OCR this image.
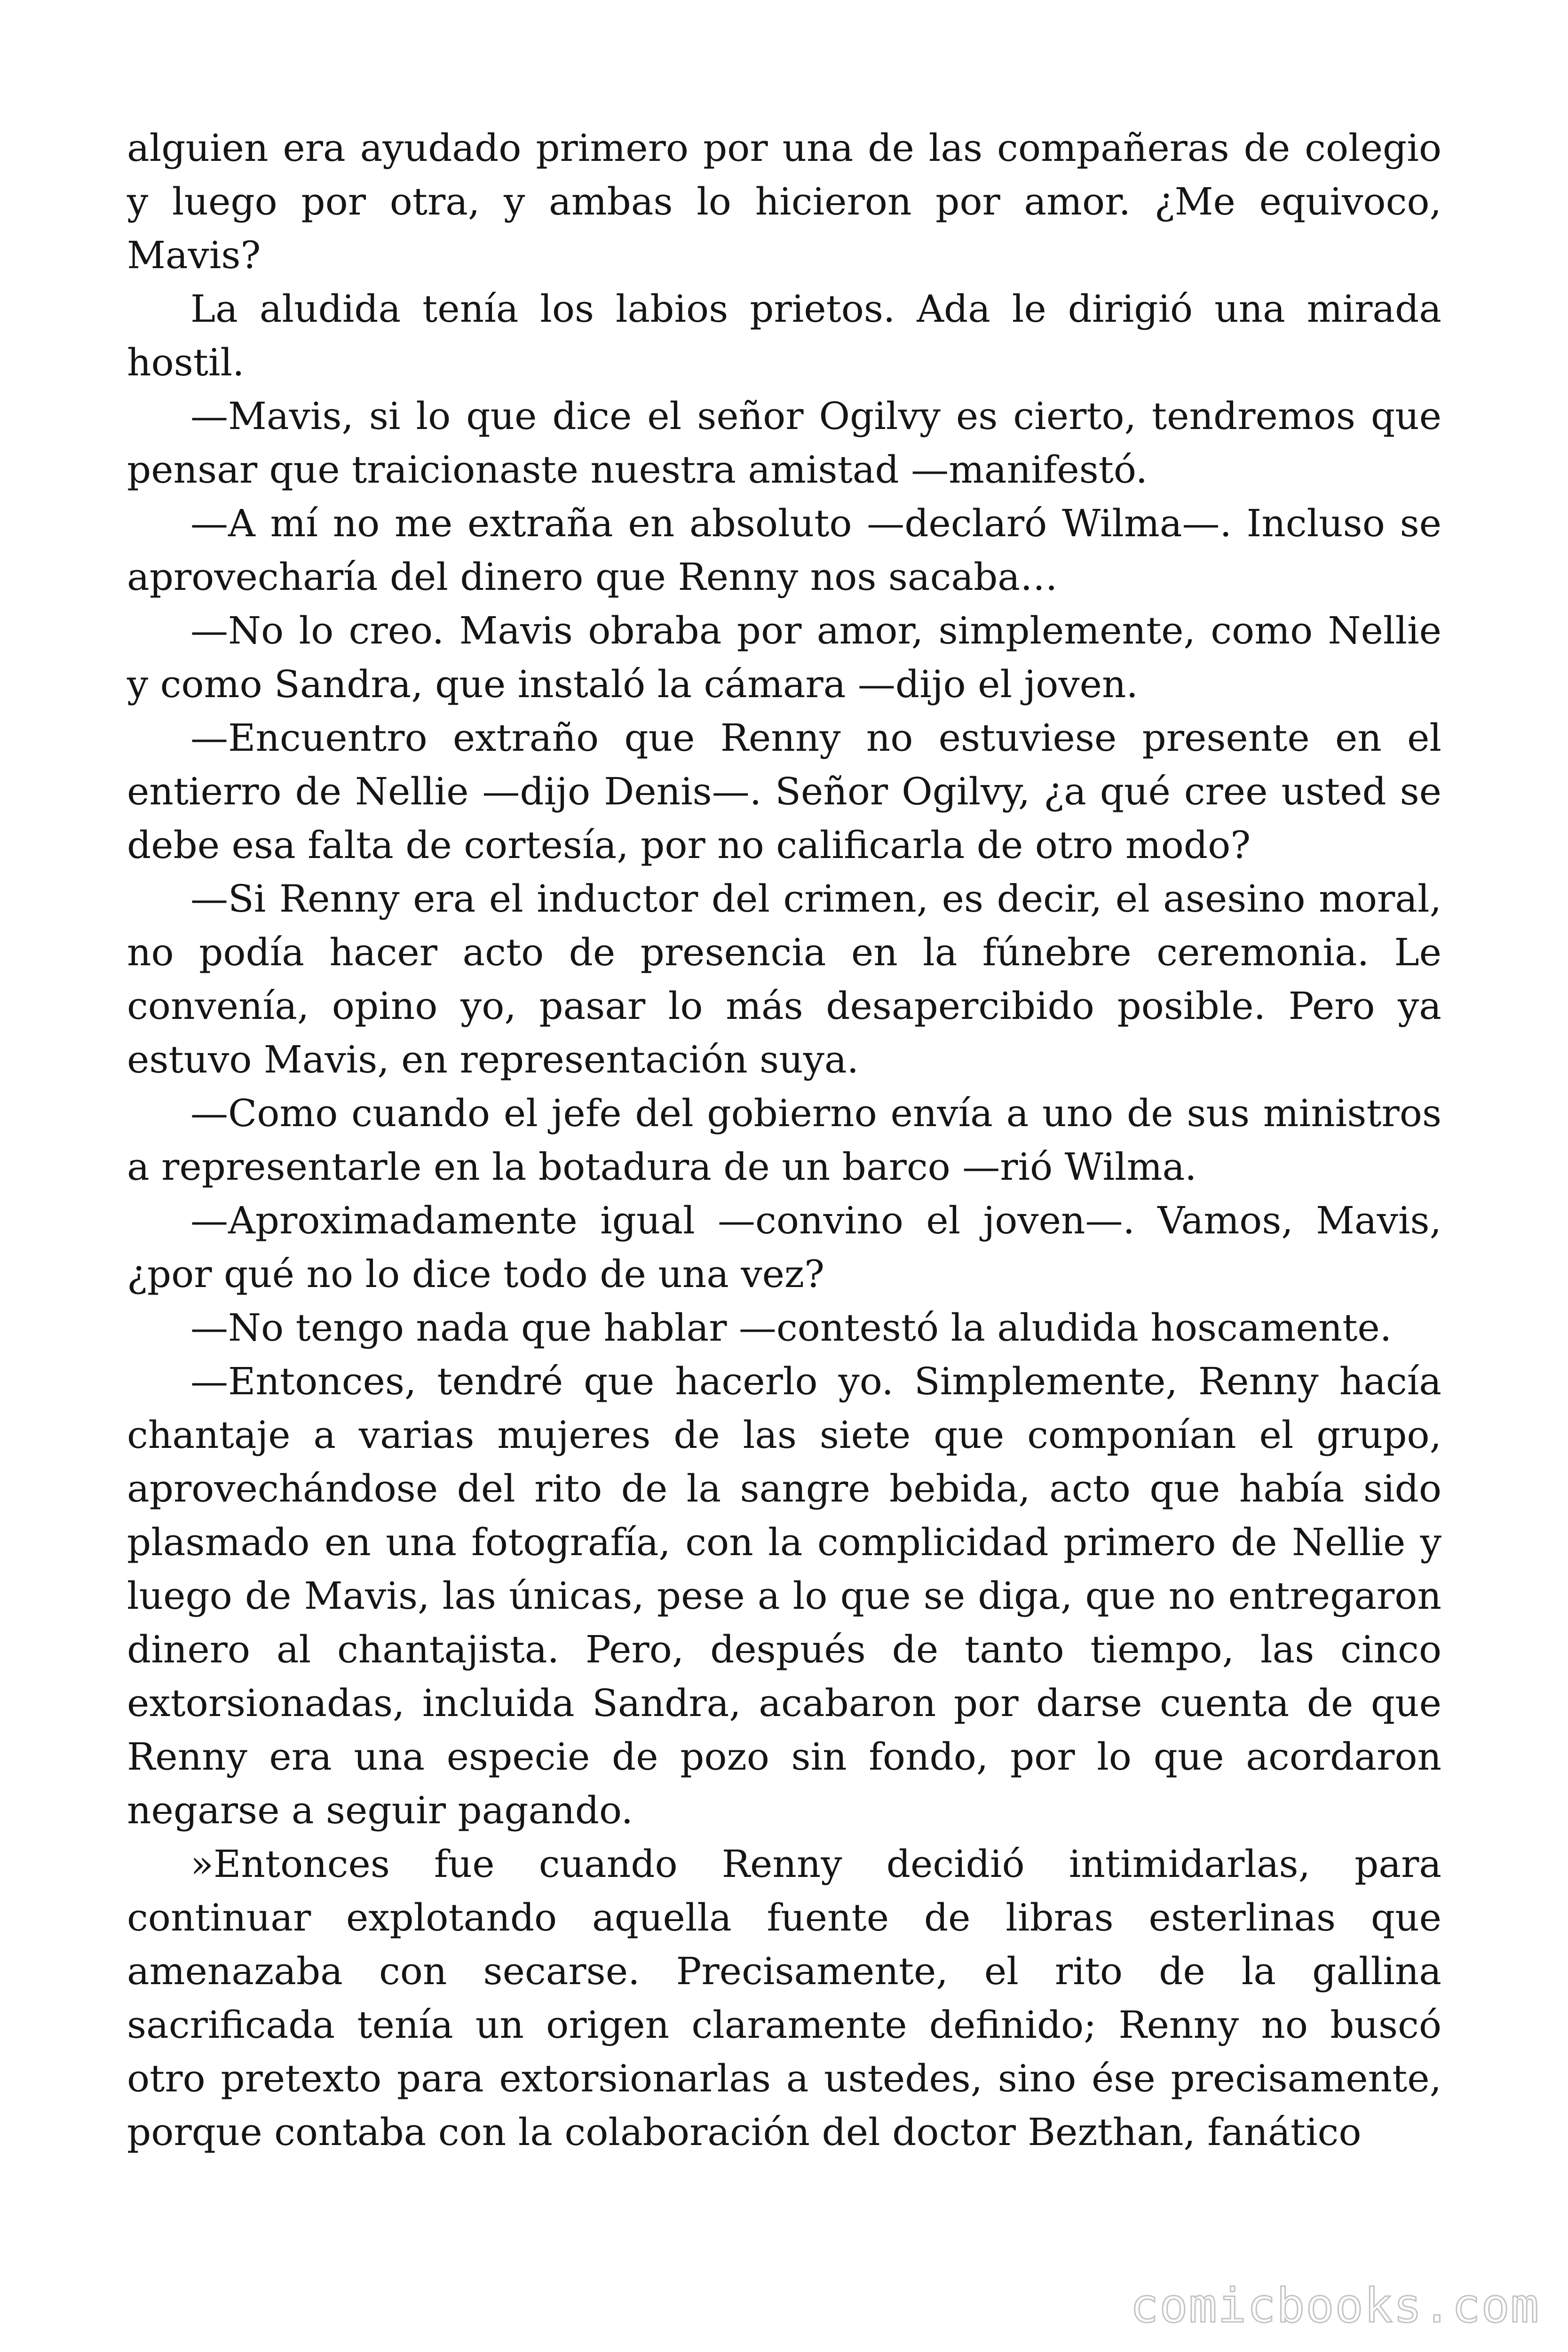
alguien era ayudado primero por una de las compañeras de colegio y luego por otra, y ambas lo hicieron por amor. ¿Me equivoco, Mavis?

La aludida tenía los labios prietos. Ada le dirigió una mirada hostil.

—Mavis, si lo que dice el señor Ogilvy es cierto, tendremos que pensar que traicionaste nuestra amistad —manifestó.

—A mí no me extraña en absoluto —declaró Wilma—. Incluso se aprovecharía del dinero que Renny nos sacaba…

—No lo creo. Mavis obraba por amor, simplemente, como Nellie y como Sandra, que instaló la cámara —dijo el joven.

—Encuentro extraño que Renny no estuviese presente en el entierro de Nellie —dijo Denis—. Señor Ogilvy, ¿a qué cree usted se debe esa falta de cortesía, por no calificarla de otro modo?

—Si Renny era el inductor del crimen, es decir, el asesino moral, no podía hacer acto de presencia en la fúnebre ceremonia. Le convenía, opino yo, pasar lo más desapercibido posible. Pero ya estuvo Mavis, en representación suya.

—Como cuando el jefe del gobierno envía a uno de sus ministros a representarle en la botadura de un barco —rió Wilma.

—Aproximadamente igual —convino el joven—. Vamos, Mavis, ¿por qué no lo dice todo de una vez?

—No tengo nada que hablar —contestó la aludida hoscamente.

—Entonces, tendré que hacerlo yo. Simplemente, Renny hacía chantaje a varias mujeres de las siete que componían el grupo, aprovechándose del rito de la sangre bebida, acto que había sido plasmado en una fotografía, con la complicidad primero de Nellie y luego de Mavis, las únicas, pese a lo que se diga, que no entregaron dinero al chantajista. Pero, después de tanto tiempo, las cinco extorsionadas, incluida Sandra, acabaron por darse cuenta de que Renny era una especie de pozo sin fondo, por lo que acordaron negarse a seguir pagando.

»Entonces fue cuando Renny decidió intimidarlas, para continuar explotando aquella fuente de libras esterlinas que amenazaba con secarse. Precisamente, el rito de la gallina sacrificada tenía un origen claramente definido; Renny no buscó otro pretexto para extorsionarlas a ustedes, sino ése precisamente, porque contaba con la colaboración del doctor Bezthan, fanático

comicbooks.com
